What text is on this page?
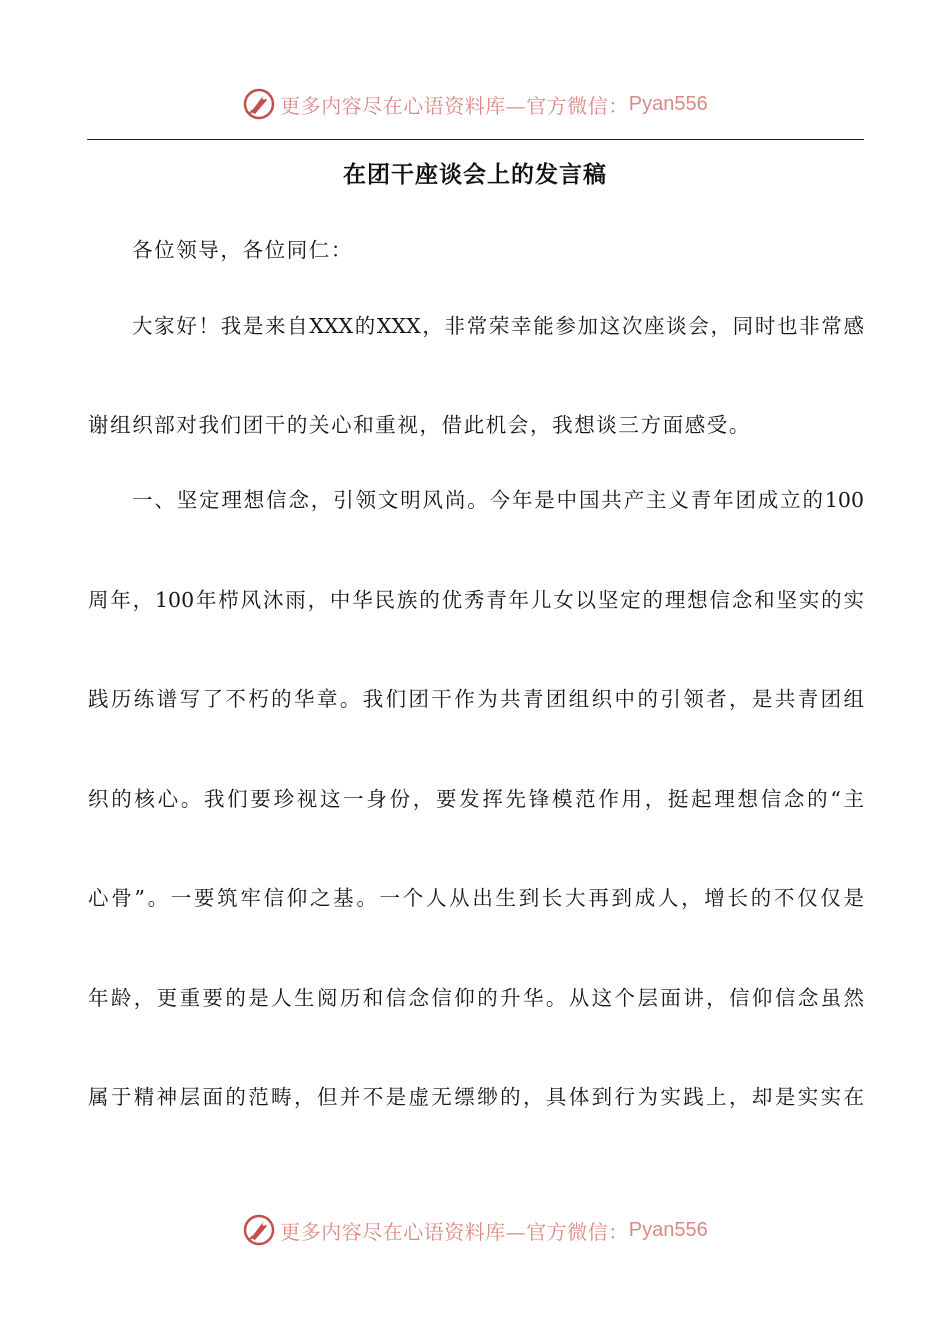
更多内容尽在心语资料库—官方微信： Pyan556
在团干座谈会上的发言稿
各位领导，各位同仁：
大家好！我是来自XXX的XXX，非常荣幸能参加这次座谈会，同时也非常感
谢组织部对我们团干的关心和重视，借此机会，我想谈三方面感受。
一、坚定理想信念，引领文明风尚。今年是中国共产主义青年团成立的100
周年，100年栉风沐雨，中华民族的优秀青年儿女以坚定的理想信念和坚实的实
践历练谱写了不朽的华章。我们团干作为共青团组织中的引领者，是共青团组
织的核心。我们要珍视这一身份，要发挥先锋模范作用，挺起理想信念的“主
心骨”。一要筑牢信仰之基。一个人从出生到长大再到成人，增长的不仅仅是
年龄，更重要的是人生阅历和信念信仰的升华。从这个层面讲，信仰信念虽然
属于精神层面的范畴，但并不是虚无缥缈的，具体到行为实践上，却是实实在
更多内容尽在心语资料库—官方微信： Pyan556
